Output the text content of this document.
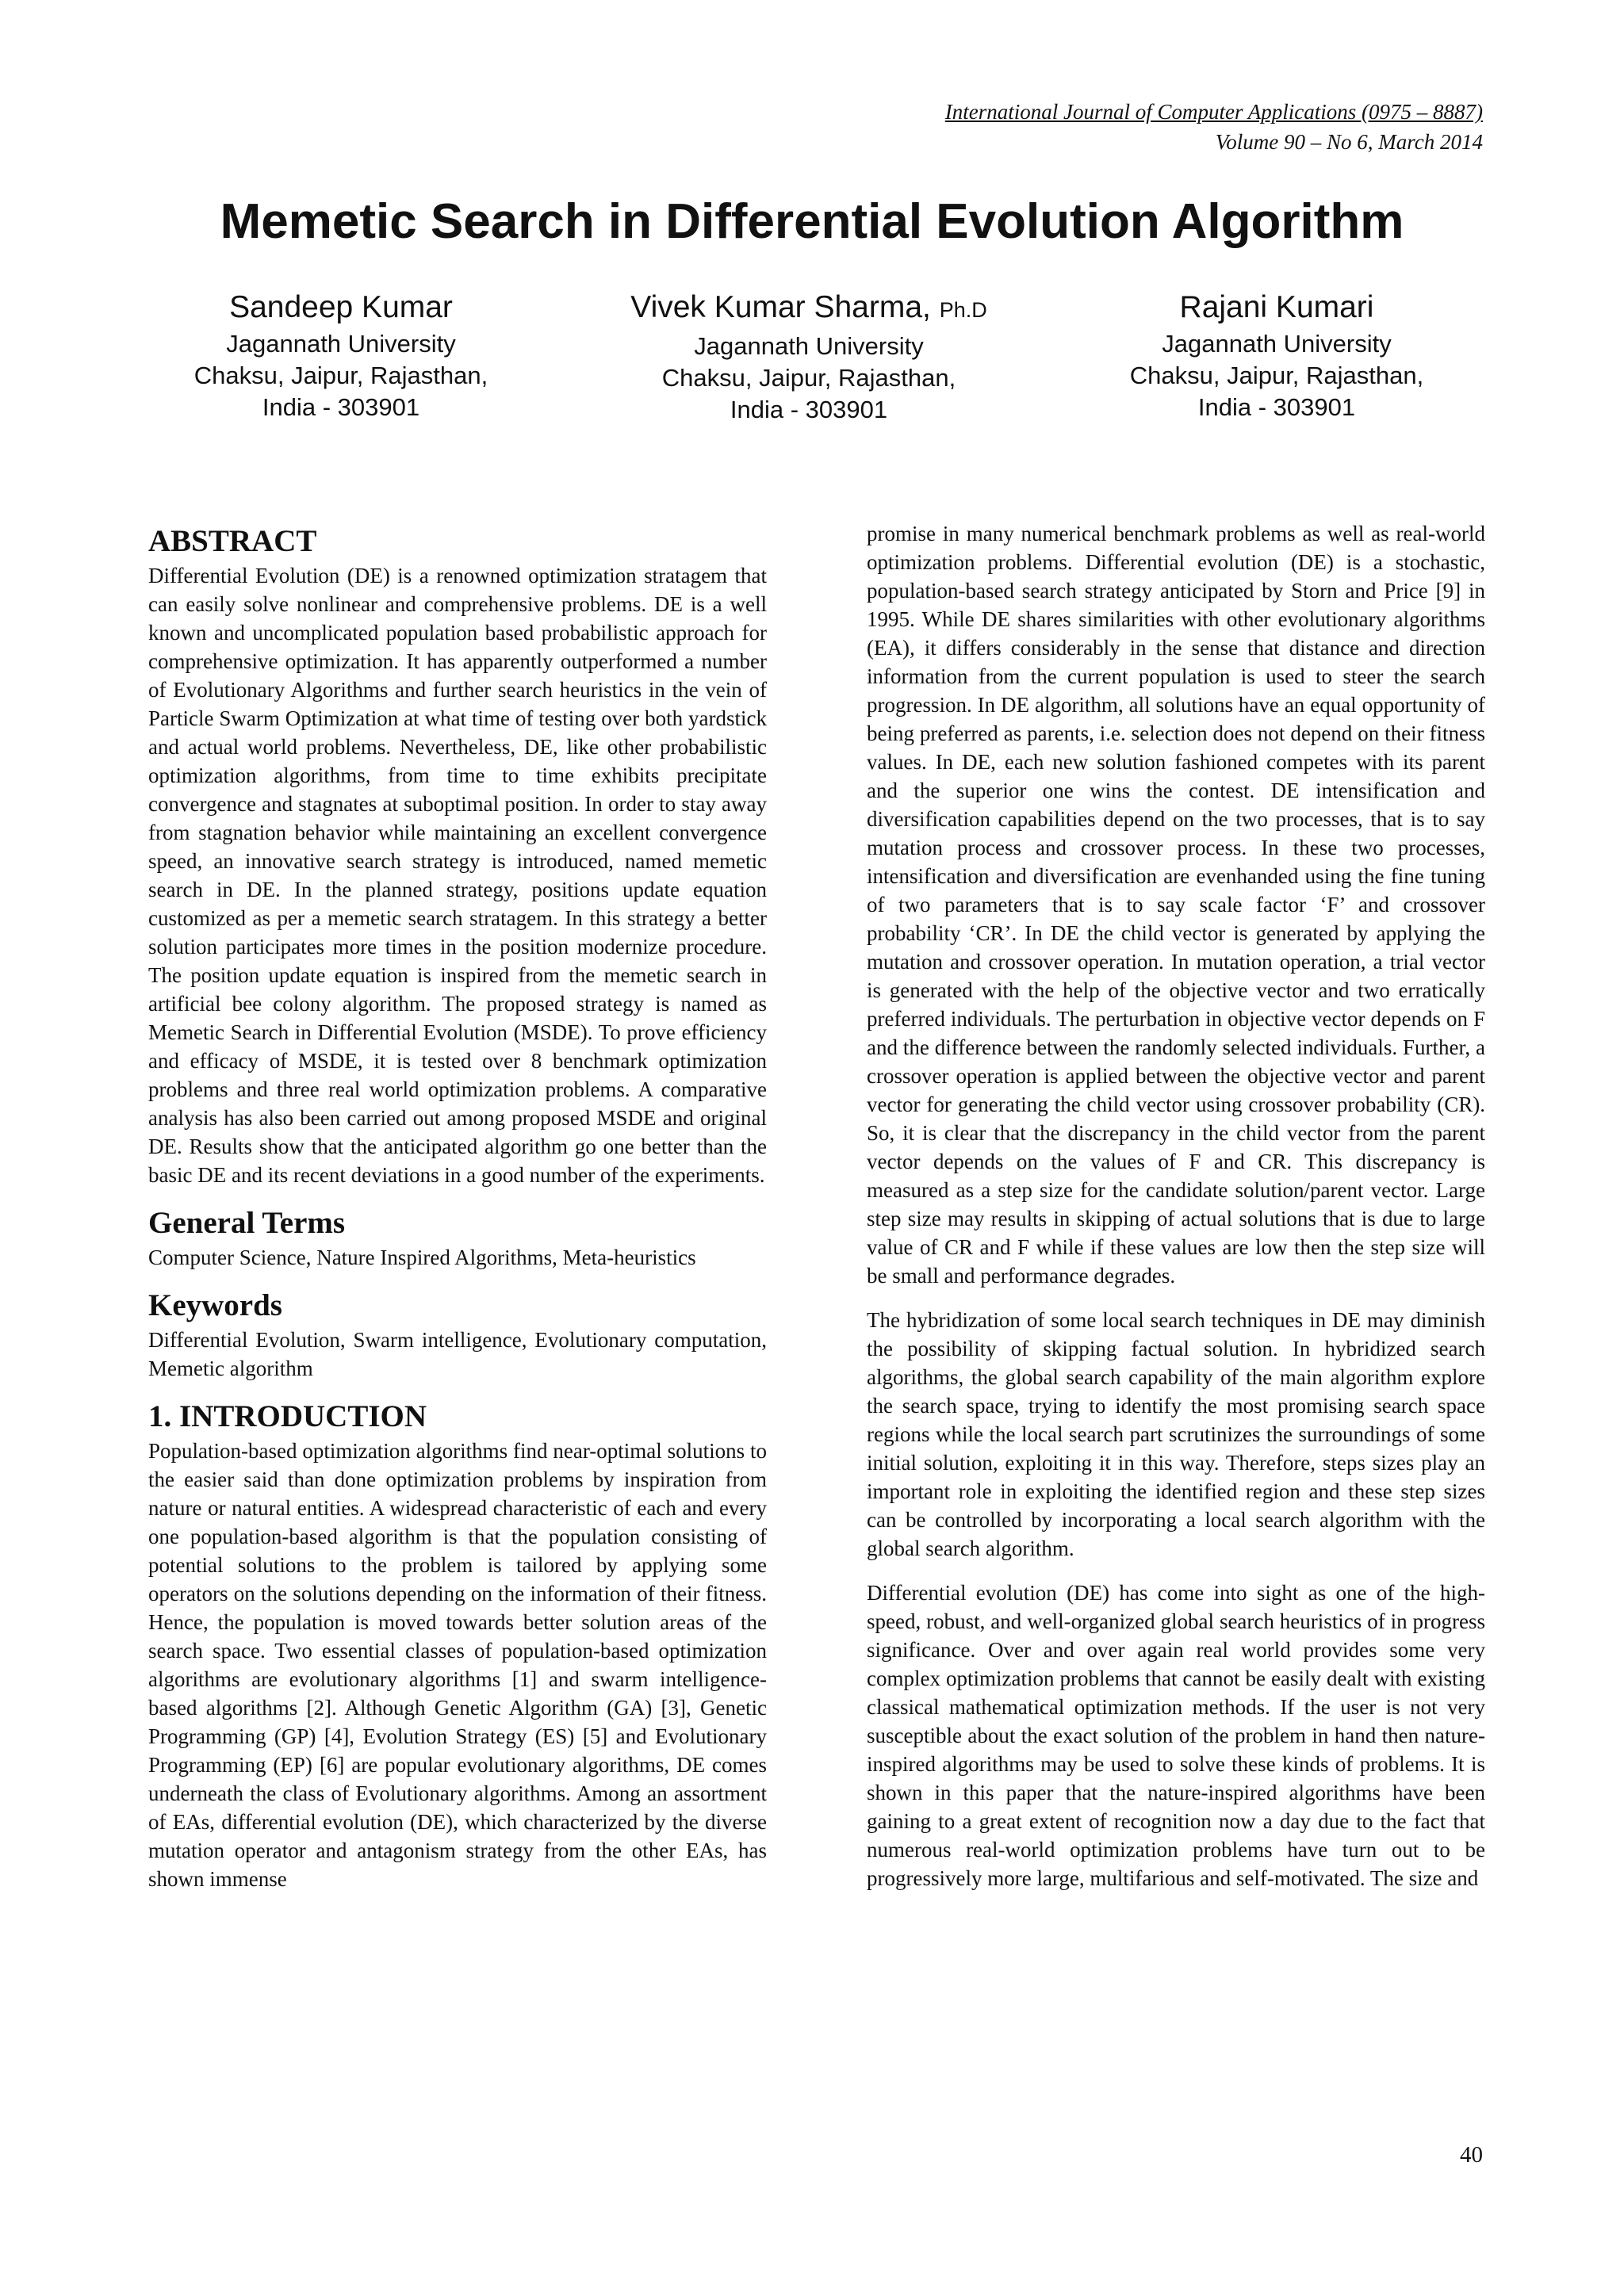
International Journal of Computer Applications (0975 – 8887)
Volume 90 – No 6, March 2014
Memetic Search in Differential Evolution Algorithm
Sandeep Kumar
Jagannath University
Chaksu, Jaipur, Rajasthan,
India - 303901
Vivek Kumar Sharma, Ph.D
Jagannath University
Chaksu, Jaipur, Rajasthan,
India - 303901
Rajani Kumari
Jagannath University
Chaksu, Jaipur, Rajasthan,
India - 303901
ABSTRACT

Differential Evolution (DE) is a renowned optimization stratagem that can easily solve nonlinear and comprehensive problems. DE is a well known and uncomplicated population based probabilistic approach for comprehensive optimization. It has apparently outperformed a number of Evolutionary Algorithms and further search heuristics in the vein of Particle Swarm Optimization at what time of testing over both yardstick and actual world problems. Nevertheless, DE, like other probabilistic optimization algorithms, from time to time exhibits precipitate convergence and stagnates at suboptimal position. In order to stay away from stagnation behavior while maintaining an excellent convergence speed, an innovative search strategy is introduced, named memetic search in DE. In the planned strategy, positions update equation customized as per a memetic search stratagem. In this strategy a better solution participates more times in the position modernize procedure. The position update equation is inspired from the memetic search in artificial bee colony algorithm. The proposed strategy is named as Memetic Search in Differential Evolution (MSDE). To prove efficiency and efficacy of MSDE, it is tested over 8 benchmark optimization problems and three real world optimization problems. A comparative analysis has also been carried out among proposed MSDE and original DE. Results show that the anticipated algorithm go one better than the basic DE and its recent deviations in a good number of the experiments.

General Terms

Computer Science, Nature Inspired Algorithms, Meta-heuristics

Keywords

Differential Evolution, Swarm intelligence, Evolutionary computation, Memetic algorithm

1. INTRODUCTION

Population-based optimization algorithms find near-optimal solutions to the easier said than done optimization problems by inspiration from nature or natural entities. A widespread characteristic of each and every one population-based algorithm is that the population consisting of potential solutions to the problem is tailored by applying some operators on the solutions depending on the information of their fitness. Hence, the population is moved towards better solution areas of the search space. Two essential classes of population-based optimization algorithms are evolutionary algorithms [1] and swarm intelligence-based algorithms [2]. Although Genetic Algorithm (GA) [3], Genetic Programming (GP) [4], Evolution Strategy (ES) [5] and Evolutionary Programming (EP) [6] are popular evolutionary algorithms, DE comes underneath the class of Evolutionary algorithms. Among an assortment of EAs, differential evolution (DE), which characterized by the diverse mutation operator and antagonism strategy from the other EAs, has shown immense

promise in many numerical benchmark problems as well as real-world optimization problems. Differential evolution (DE) is a stochastic, population-based search strategy anticipated by Storn and Price [9] in 1995. While DE shares similarities with other evolutionary algorithms (EA), it differs considerably in the sense that distance and direction information from the current population is used to steer the search progression. In DE algorithm, all solutions have an equal opportunity of being preferred as parents, i.e. selection does not depend on their fitness values. In DE, each new solution fashioned competes with its parent and the superior one wins the contest. DE intensification and diversification capabilities depend on the two processes, that is to say mutation process and crossover process. In these two processes, intensification and diversification are evenhanded using the fine tuning of two parameters that is to say scale factor ‘F’ and crossover probability ‘CR’. In DE the child vector is generated by applying the mutation and crossover operation. In mutation operation, a trial vector is generated with the help of the objective vector and two erratically preferred individuals. The perturbation in objective vector depends on F and the difference between the randomly selected individuals. Further, a crossover operation is applied between the objective vector and parent vector for generating the child vector using crossover probability (CR). So, it is clear that the discrepancy in the child vector from the parent vector depends on the values of F and CR. This discrepancy is measured as a step size for the candidate solution/parent vector. Large step size may results in skipping of actual solutions that is due to large value of CR and F while if these values are low then the step size will be small and performance degrades.

The hybridization of some local search techniques in DE may diminish the possibility of skipping factual solution. In hybridized search algorithms, the global search capability of the main algorithm explore the search space, trying to identify the most promising search space regions while the local search part scrutinizes the surroundings of some initial solution, exploiting it in this way. Therefore, steps sizes play an important role in exploiting the identified region and these step sizes can be controlled by incorporating a local search algorithm with the global search algorithm.

Differential evolution (DE) has come into sight as one of the high-speed, robust, and well-organized global search heuristics of in progress significance. Over and over again real world provides some very complex optimization problems that cannot be easily dealt with existing classical mathematical optimization methods. If the user is not very susceptible about the exact solution of the problem in hand then nature-inspired algorithms may be used to solve these kinds of problems. It is shown in this paper that the nature-inspired algorithms have been gaining to a great extent of recognition now a day due to the fact that numerous real-world optimization problems have turn out to be progressively more large, multifarious and self-motivated. The size and

40
